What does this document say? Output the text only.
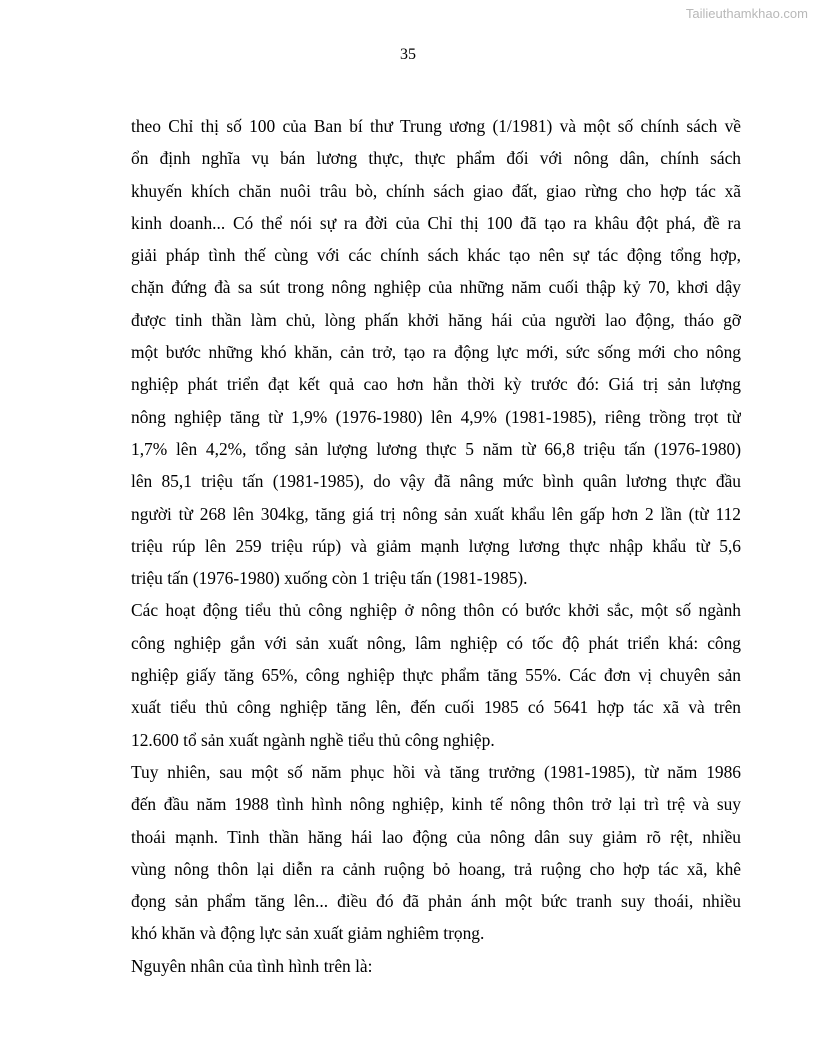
Tailieuthamkhao.com
35
theo Chỉ thị số 100 của Ban bí thư Trung ương (1/1981) và một số chính sách về
ổn định nghĩa vụ bán lương thực, thực phẩm đối với nông dân, chính sách
khuyến khích chăn nuôi trâu bò, chính sách giao đất, giao rừng cho hợp tác xã
kinh doanh... Có thể nói sự ra đời của Chỉ thị 100 đã tạo ra khâu đột phá, đề ra
giải pháp tình thế cùng với các chính sách khác tạo nên sự tác động tổng hợp,
chặn đứng đà sa sút trong nông nghiệp của những năm cuối thập kỷ 70, khơi dậy
được tinh thần làm chủ, lòng phấn khởi hăng hái của người lao động, tháo gỡ
một bước những khó khăn, cản trở, tạo ra động lực mới, sức sống mới cho nông
nghiệp phát triển đạt kết quả cao hơn hẳn thời kỳ trước đó: Giá trị sản lượng
nông nghiệp tăng từ 1,9% (1976-1980) lên 4,9% (1981-1985), riêng trồng trọt từ
1,7% lên 4,2%, tổng sản lượng lương thực 5 năm từ 66,8 triệu tấn (1976-1980)
lên 85,1 triệu tấn (1981-1985), do vậy đã nâng mức bình quân lương thực đầu
người từ 268 lên 304kg, tăng giá trị nông sản xuất khẩu lên gấp hơn 2 lần (từ 112
triệu rúp lên 259 triệu rúp) và giảm mạnh lượng lương thực nhập khẩu từ 5,6
triệu tấn (1976-1980) xuống còn 1 triệu tấn (1981-1985).
Các hoạt động tiểu thủ công nghiệp ở nông thôn có bước khởi sắc, một số ngành
công nghiệp gắn với sản xuất nông, lâm nghiệp có tốc độ phát triển khá: công
nghiệp giấy tăng 65%, công nghiệp thực phẩm tăng 55%. Các đơn vị chuyên sản
xuất tiểu thủ công nghiệp tăng lên, đến cuối 1985 có 5641 hợp tác xã và trên
12.600 tổ sản xuất ngành nghề tiểu thủ công nghiệp.
Tuy nhiên, sau một số năm phục hồi và tăng trưởng (1981-1985), từ năm 1986
đến đầu năm 1988 tình hình nông nghiệp, kinh tế nông thôn trở lại trì trệ và suy
thoái mạnh. Tinh thần hăng hái lao động của nông dân suy giảm rõ rệt, nhiều
vùng nông thôn lại diễn ra cảnh ruộng bỏ hoang, trả ruộng cho hợp tác xã, khê
đọng sản phẩm tăng lên... điều đó đã phản ánh một bức tranh suy thoái, nhiều
khó khăn và động lực sản xuất giảm nghiêm trọng.
Nguyên nhân của tình hình trên là:
